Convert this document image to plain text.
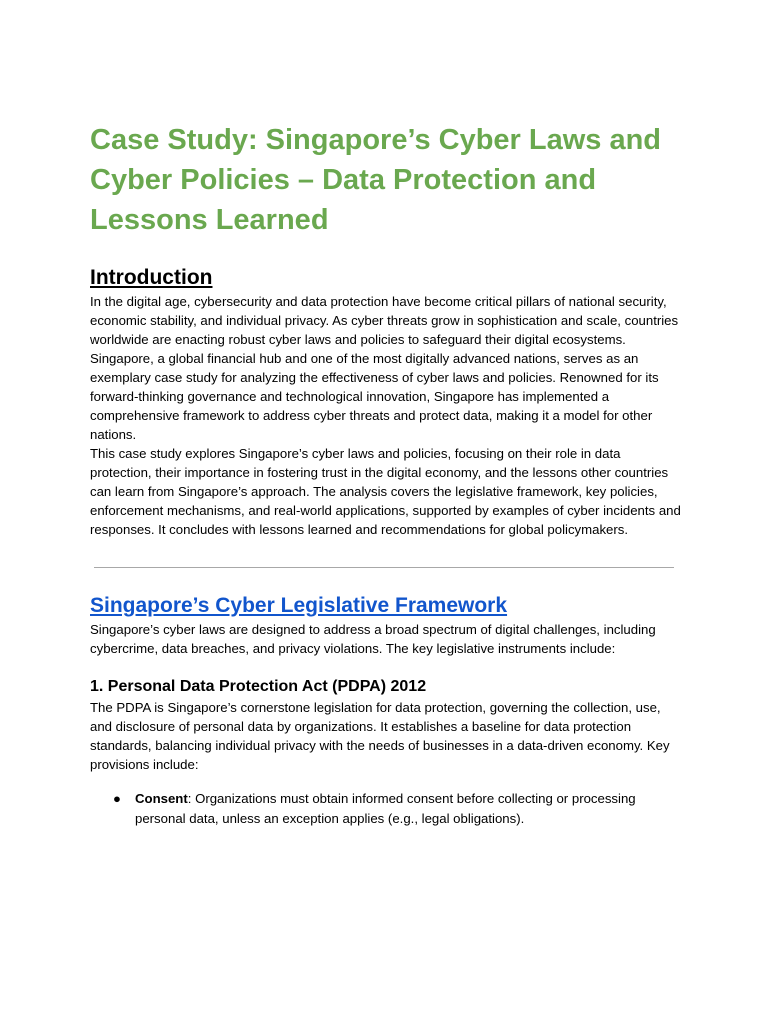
Case Study: Singapore’s Cyber Laws and Cyber Policies – Data Protection and Lessons Learned
Introduction

In the digital age, cybersecurity and data protection have become critical pillars of national security, economic stability, and individual privacy. As cyber threats grow in sophistication and scale, countries worldwide are enacting robust cyber laws and policies to safeguard their digital ecosystems. Singapore, a global financial hub and one of the most digitally advanced nations, serves as an exemplary case study for analyzing the effectiveness of cyber laws and policies. Renowned for its forward-thinking governance and technological innovation, Singapore has implemented a comprehensive framework to address cyber threats and protect data, making it a model for other nations.

This case study explores Singapore’s cyber laws and policies, focusing on their role in data protection, their importance in fostering trust in the digital economy, and the lessons other countries can learn from Singapore’s approach. The analysis covers the legislative framework, key policies, enforcement mechanisms, and real-world applications, supported by examples of cyber incidents and responses. It concludes with lessons learned and recommendations for global policymakers.

Singapore’s Cyber Legislative Framework

Singapore’s cyber laws are designed to address a broad spectrum of digital challenges, including cybercrime, data breaches, and privacy violations. The key legislative instruments include:

1. Personal Data Protection Act (PDPA) 2012

The PDPA is Singapore’s cornerstone legislation for data protection, governing the collection, use, and disclosure of personal data by organizations. It establishes a baseline for data protection standards, balancing individual privacy with the needs of businesses in a data-driven economy. Key provisions include:

● Consent: Organizations must obtain informed consent before collecting or processing personal data, unless an exception applies (e.g., legal obligations).
